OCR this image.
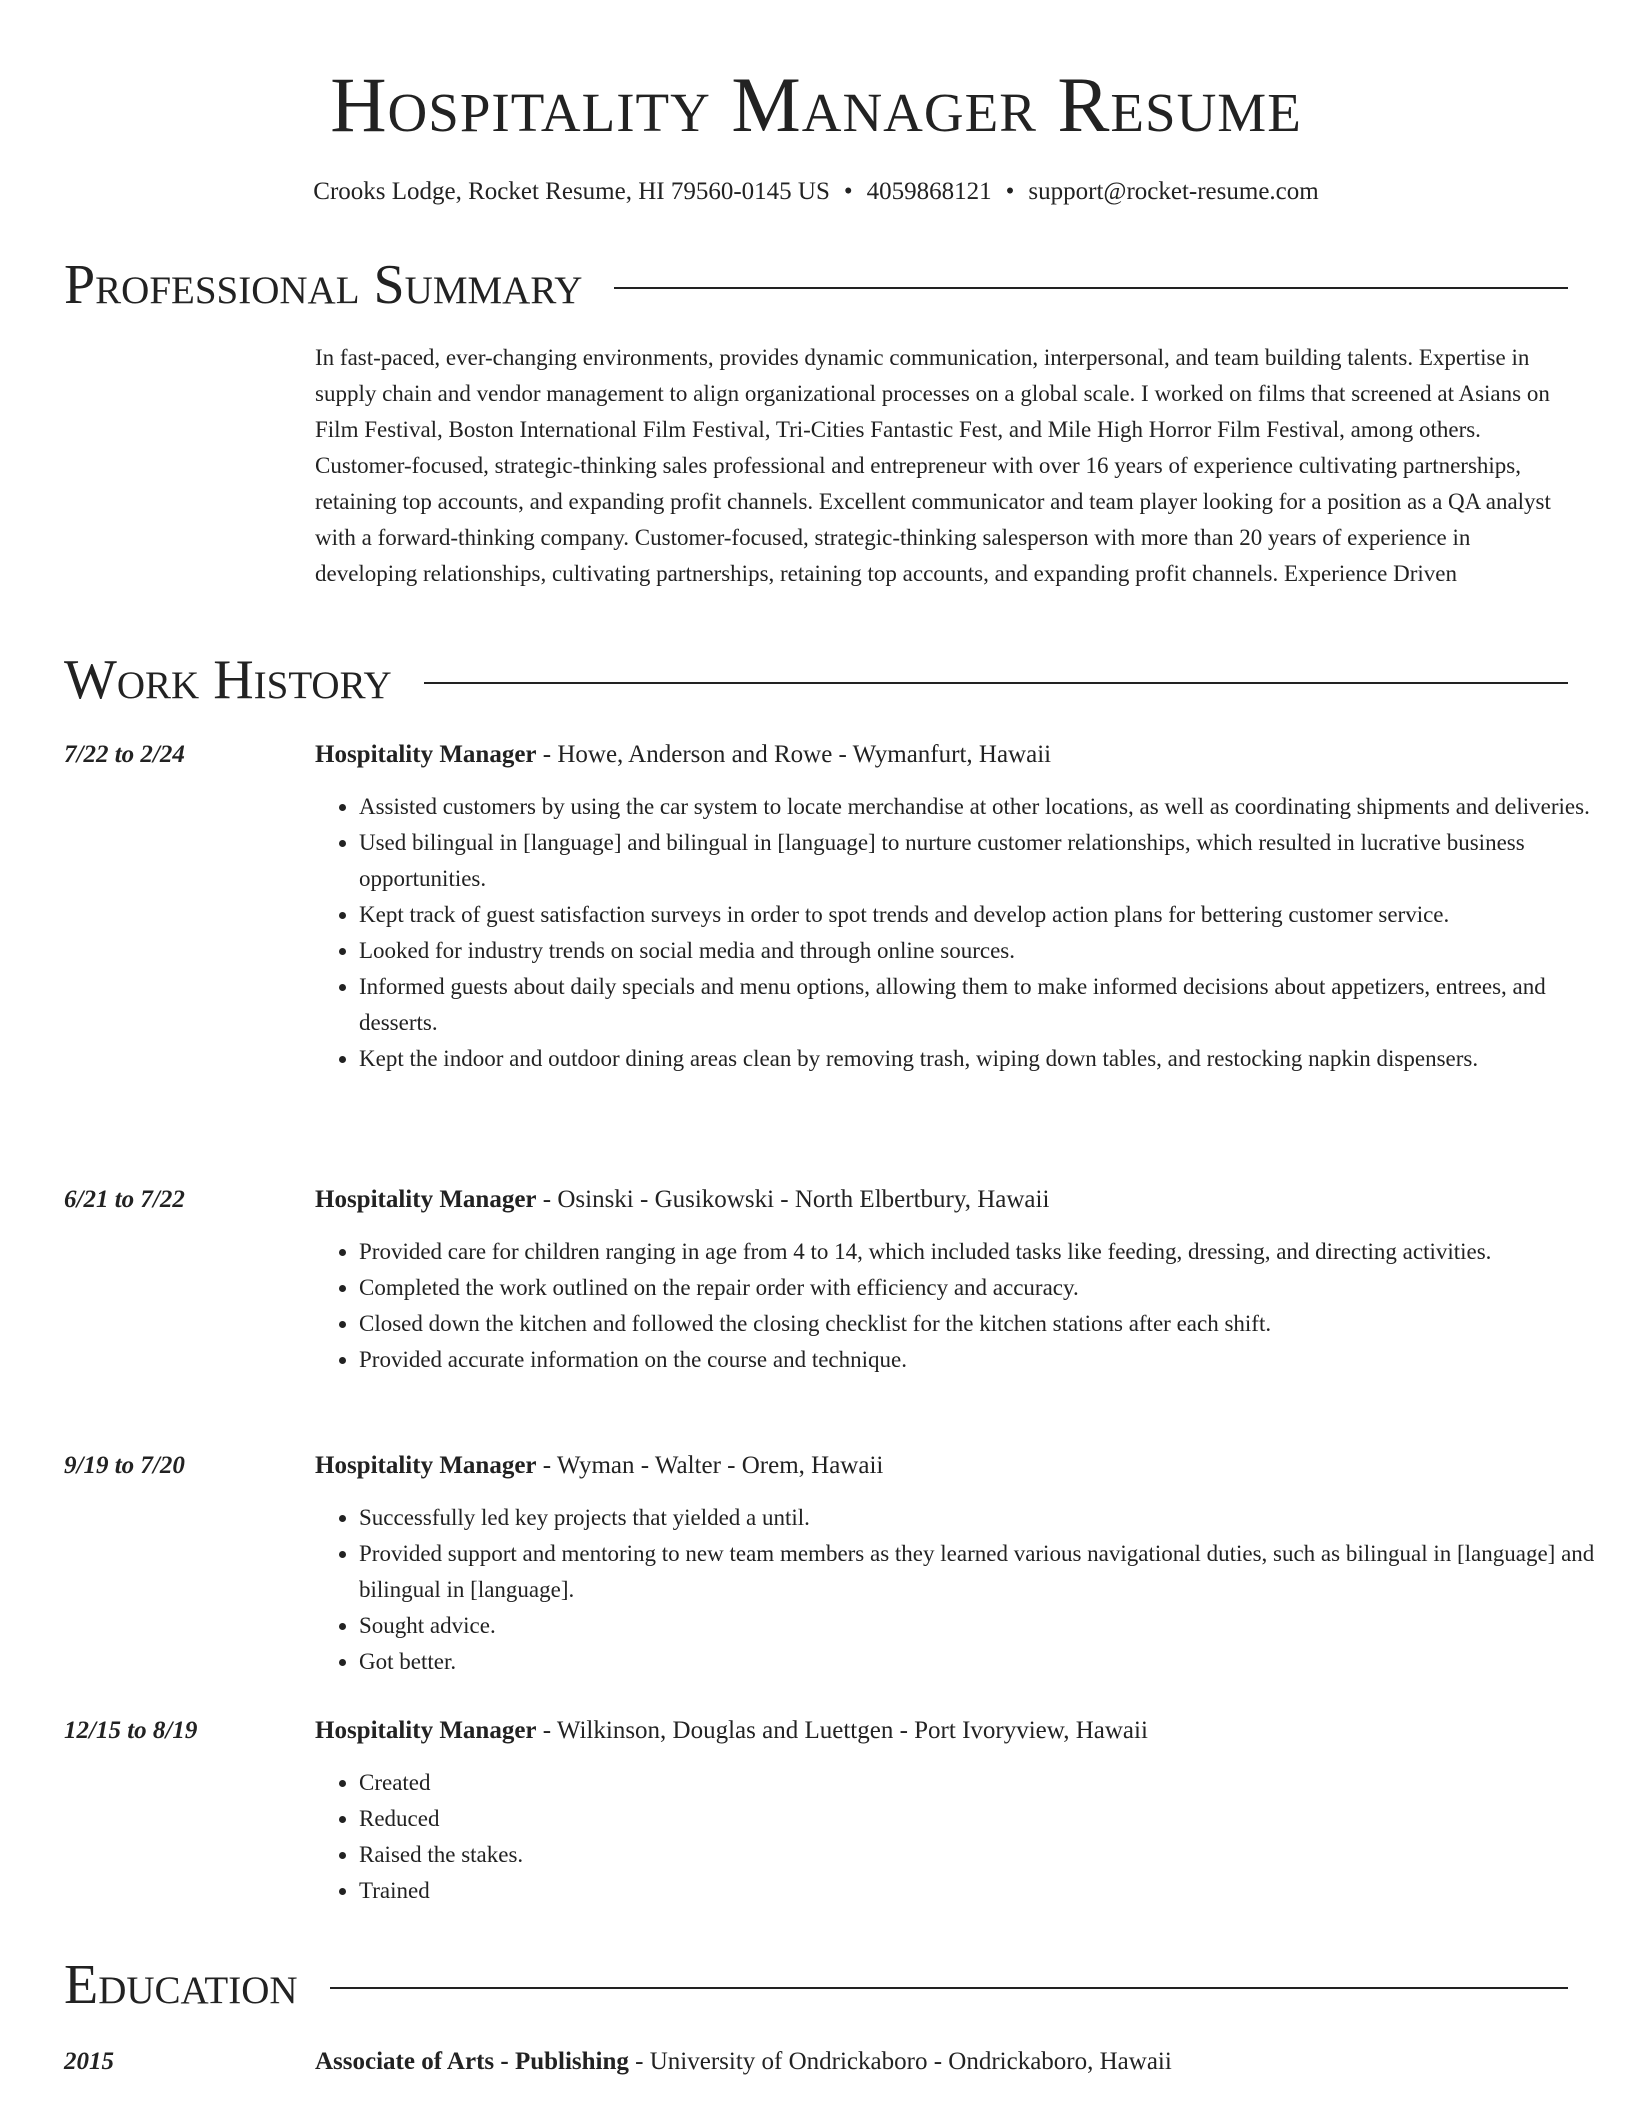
Hospitality Manager Resume
Crooks Lodge, Rocket Resume, HI 79560-0145 US • 4059868121 • support@rocket-resume.com
Professional Summary

In fast-paced, ever-changing environments, provides dynamic communication, interpersonal, and team building talents. Expertise in supply chain and vendor management to align organizational processes on a global scale. I worked on films that screened at Asians on Film Festival, Boston International Film Festival, Tri-Cities Fantastic Fest, and Mile High Horror Film Festival, among others. Customer-focused, strategic-thinking sales professional and entrepreneur with over 16 years of experience cultivating partnerships, retaining top accounts, and expanding profit channels. Excellent communicator and team player looking for a position as a QA analyst with a forward-thinking company. Customer-focused, strategic-thinking salesperson with more than 20 years of experience in developing relationships, cultivating partnerships, retaining top accounts, and expanding profit channels. Experience Driven

Work History
7/22 to 2/24	Hospitality Manager - Howe, Anderson and Rowe - Wymanfurt, Hawaii
• Assisted customers by using the car system to locate merchandise at other locations, as well as coordinating shipments and deliveries.
• Used bilingual in [language] and bilingual in [language] to nurture customer relationships, which resulted in lucrative business opportunities.
• Kept track of guest satisfaction surveys in order to spot trends and develop action plans for bettering customer service.
• Looked for industry trends on social media and through online sources.
• Informed guests about daily specials and menu options, allowing them to make informed decisions about appetizers, entrees, and desserts.
• Kept the indoor and outdoor dining areas clean by removing trash, wiping down tables, and restocking napkin dispensers.
6/21 to 7/22	Hospitality Manager - Osinski - Gusikowski - North Elbertbury, Hawaii
• Provided care for children ranging in age from 4 to 14, which included tasks like feeding, dressing, and directing activities.
• Completed the work outlined on the repair order with efficiency and accuracy.
• Closed down the kitchen and followed the closing checklist for the kitchen stations after each shift.
• Provided accurate information on the course and technique.
9/19 to 7/20	Hospitality Manager - Wyman - Walter - Orem, Hawaii
• Successfully led key projects that yielded a until.
• Provided support and mentoring to new team members as they learned various navigational duties, such as bilingual in [language] and bilingual in [language].
• Sought advice.
• Got better.
12/15 to 8/19	Hospitality Manager - Wilkinson, Douglas and Luettgen - Port Ivoryview, Hawaii
• Created
• Reduced
• Raised the stakes.
• Trained
Education
2015	Associate of Arts - Publishing - University of Ondrickaboro - Ondrickaboro, Hawaii
